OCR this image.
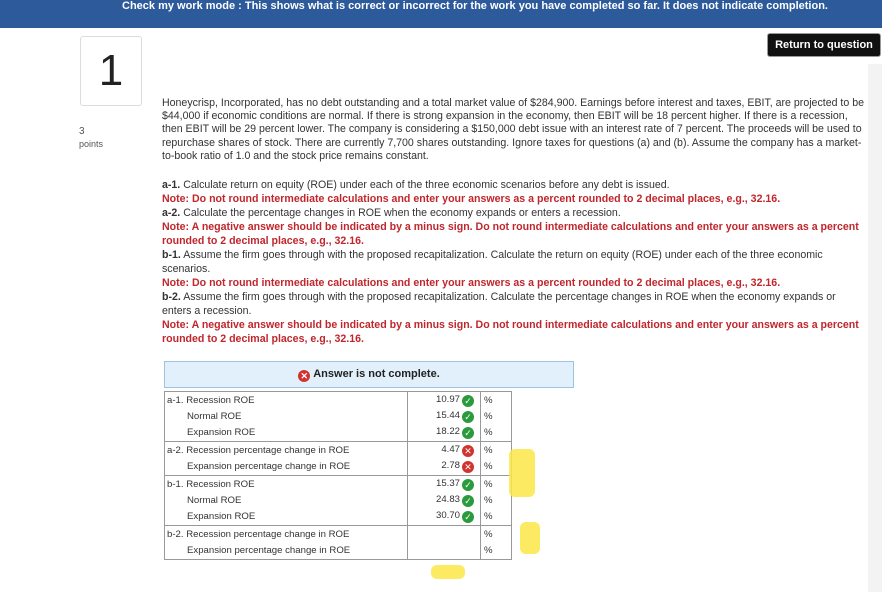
Check my work mode : This shows what is correct or incorrect for the work you have completed so far. It does not indicate completion.
1
3
points
Return to question
Honeycrisp, Incorporated, has no debt outstanding and a total market value of $284,900. Earnings before interest and taxes, EBIT, are projected to be $44,000 if economic conditions are normal. If there is strong expansion in the economy, then EBIT will be 18 percent higher. If there is a recession, then EBIT will be 29 percent lower. The company is considering a $150,000 debt issue with an interest rate of 7 percent. The proceeds will be used to repurchase shares of stock. There are currently 7,700 shares outstanding. Ignore taxes for questions (a) and (b). Assume the company has a market-to-book ratio of 1.0 and the stock price remains constant.
a-1. Calculate return on equity (ROE) under each of the three economic scenarios before any debt is issued.
Note: Do not round intermediate calculations and enter your answers as a percent rounded to 2 decimal places, e.g., 32.16.
a-2. Calculate the percentage changes in ROE when the economy expands or enters a recession.
Note: A negative answer should be indicated by a minus sign. Do not round intermediate calculations and enter your answers as a percent rounded to 2 decimal places, e.g., 32.16.
b-1. Assume the firm goes through with the proposed recapitalization. Calculate the return on equity (ROE) under each of the three economic scenarios.
Note: Do not round intermediate calculations and enter your answers as a percent rounded to 2 decimal places, e.g., 32.16.
b-2. Assume the firm goes through with the proposed recapitalization. Calculate the percentage changes in ROE when the economy expands or enters a recession.
Note: A negative answer should be indicated by a minus sign. Do not round intermediate calculations and enter your answers as a percent rounded to 2 decimal places, e.g., 32.16.
✕ Answer is not complete.
a-1. Recession ROE	10.97 ✓	%
Normal ROE	15.44 ✓	%
Expansion ROE	18.22 ✓	%
a-2. Recession percentage change in ROE	4.47 ✕	%
Expansion percentage change in ROE	2.78 ✕	%
b-1. Recession ROE	15.37 ✓	%
Normal ROE	24.83 ✓	%
Expansion ROE	30.70 ✓	%
b-2. Recession percentage change in ROE		%
Expansion percentage change in ROE		%
